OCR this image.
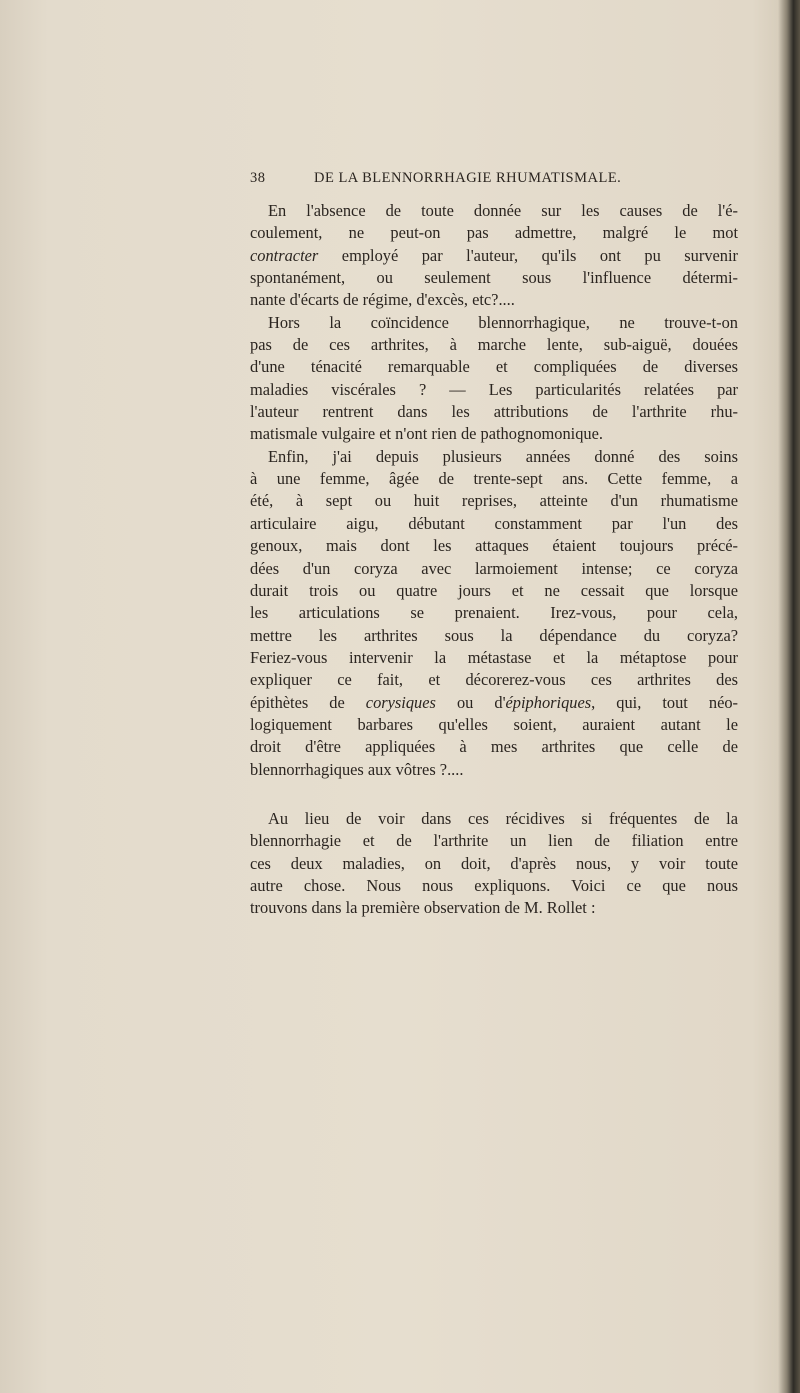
38	DE LA BLENNORRHAGIE RHUMATISMALE.
En l'absence de toute donnée sur les causes de l'é-
coulement, ne peut-on pas admettre, malgré le mot
contracter employé par l'auteur, qu'ils ont pu survenir
spontanément, ou seulement sous l'influence détermi-
nante d'écarts de régime, d'excès, etc?....
Hors la coïncidence blennorrhagique, ne trouve-t-on
pas de ces arthrites, à marche lente, sub-aiguë, douées
d'une ténacité remarquable et compliquées de diverses
maladies viscérales ? — Les particularités relatées par
l'auteur rentrent dans les attributions de l'arthrite rhu-
matismale vulgaire et n'ont rien de pathognomonique.
Enfin, j'ai depuis plusieurs années donné des soins
à une femme, âgée de trente-sept ans. Cette femme, a
été, à sept ou huit reprises, atteinte d'un rhumatisme
articulaire aigu, débutant constamment par l'un des
genoux, mais dont les attaques étaient toujours précé-
dées d'un coryza avec larmoiement intense; ce coryza
durait trois ou quatre jours et ne cessait que lorsque
les articulations se prenaient. Irez-vous, pour cela,
mettre les arthrites sous la dépendance du coryza?
Feriez-vous intervenir la métastase et la métaptose pour
expliquer ce fait, et décorerez-vous ces arthrites des
épithètes de corysiques ou d'épiphoriques, qui, tout néo-
logiquement barbares qu'elles soient, auraient autant le
droit d'être appliquées à mes arthrites que celle de
blennorrhagiques aux vôtres ?....
Au lieu de voir dans ces récidives si fréquentes de la
blennorrhagie et de l'arthrite un lien de filiation entre
ces deux maladies, on doit, d'après nous, y voir toute
autre chose. Nous nous expliquons. Voici ce que nous
trouvons dans la première observation de M. Rollet :
